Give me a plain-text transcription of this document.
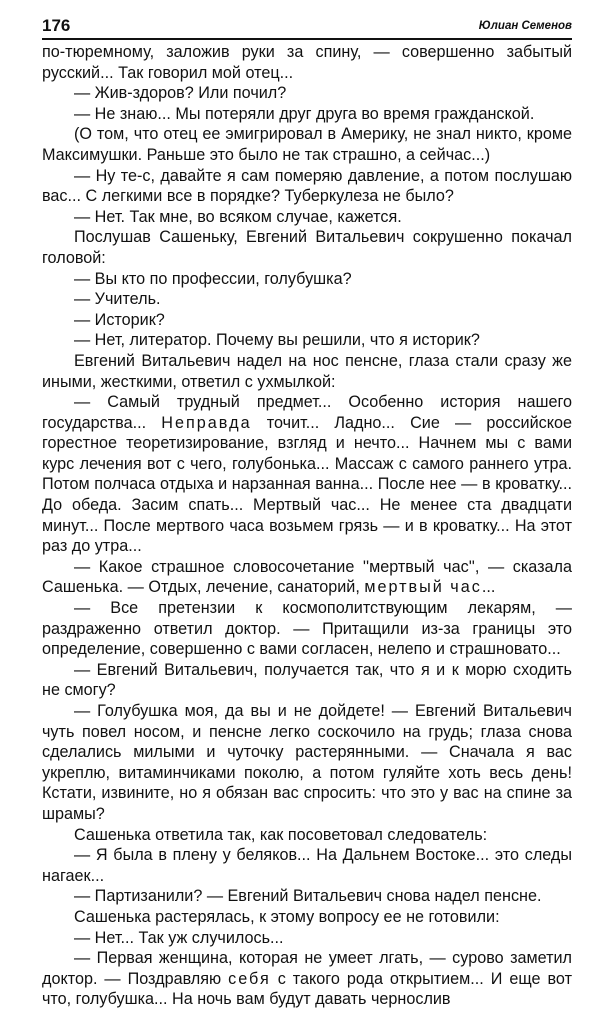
176	Юлиан Семенов

по-тюремному, заложив руки за спину, — совершенно забытый русский... Так говорил мой отец...

— Жив-здоров? Или почил?

— Не знаю... Мы потеряли друг друга во время гражданской.

(О том, что отец ее эмигрировал в Америку, не знал никто, кроме Максимушки. Раньше это было не так страшно, а сейчас...)

— Ну те-с, давайте я сам померяю давление, а потом послушаю вас... С легкими все в порядке? Туберкулеза не было?

— Нет. Так мне, во всяком случае, кажется.

Послушав Сашеньку, Евгений Витальевич сокрушенно покачал головой:

— Вы кто по профессии, голубушка?

— Учитель.

— Историк?

— Нет, литератор. Почему вы решили, что я историк?

Евгений Витальевич надел на нос пенсне, глаза стали сразу же иными, жесткими, ответил с ухмылкой:

— Самый трудный предмет... Особенно история нашего государства... Неправда точит... Ладно... Сие — российское горестное теоретизирование, взгляд и нечто... Начнем мы с вами курс лечения вот с чего, голубонька... Массаж с самого раннего утра. Потом полчаса отдыха и нарзанная ванна... После нее — в кроватку... До обеда. Засим спать... Мертвый час... Не менее ста двадцати минут... После мертвого часа возьмем грязь — и в кроватку... На этот раз до утра...

— Какое страшное словосочетание ''мертвый час'', — сказала Сашенька. — Отдых, лечение, санаторий, мертвый час...

— Все претензии к космополитствующим лекарям, — раздраженно ответил доктор. — Притащили из-за границы это определение, совершенно с вами согласен, нелепо и страшновато...

— Евгений Витальевич, получается так, что я и к морю сходить не смогу?

— Голубушка моя, да вы и не дойдете! — Евгений Витальевич чуть повел носом, и пенсне легко соскочило на грудь; глаза снова сделались милыми и чуточку растерянными. — Сначала я вас укреплю, витаминчиками поколю, а потом гуляйте хоть весь день! Кстати, извините, но я обязан вас спросить: что это у вас на спине за шрамы?

Сашенька ответила так, как посоветовал следователь:

— Я была в плену у беляков... На Дальнем Востоке... это следы нагаек...

— Партизанили? — Евгений Витальевич снова надел пенсне.

Сашенька растерялась, к этому вопросу ее не готовили:

— Нет... Так уж случилось...

— Первая женщина, которая не умеет лгать, — сурово заметил доктор. — Поздравляю себя с такого рода открытием... И еще вот что, голубушка... На ночь вам будут давать чернослив
